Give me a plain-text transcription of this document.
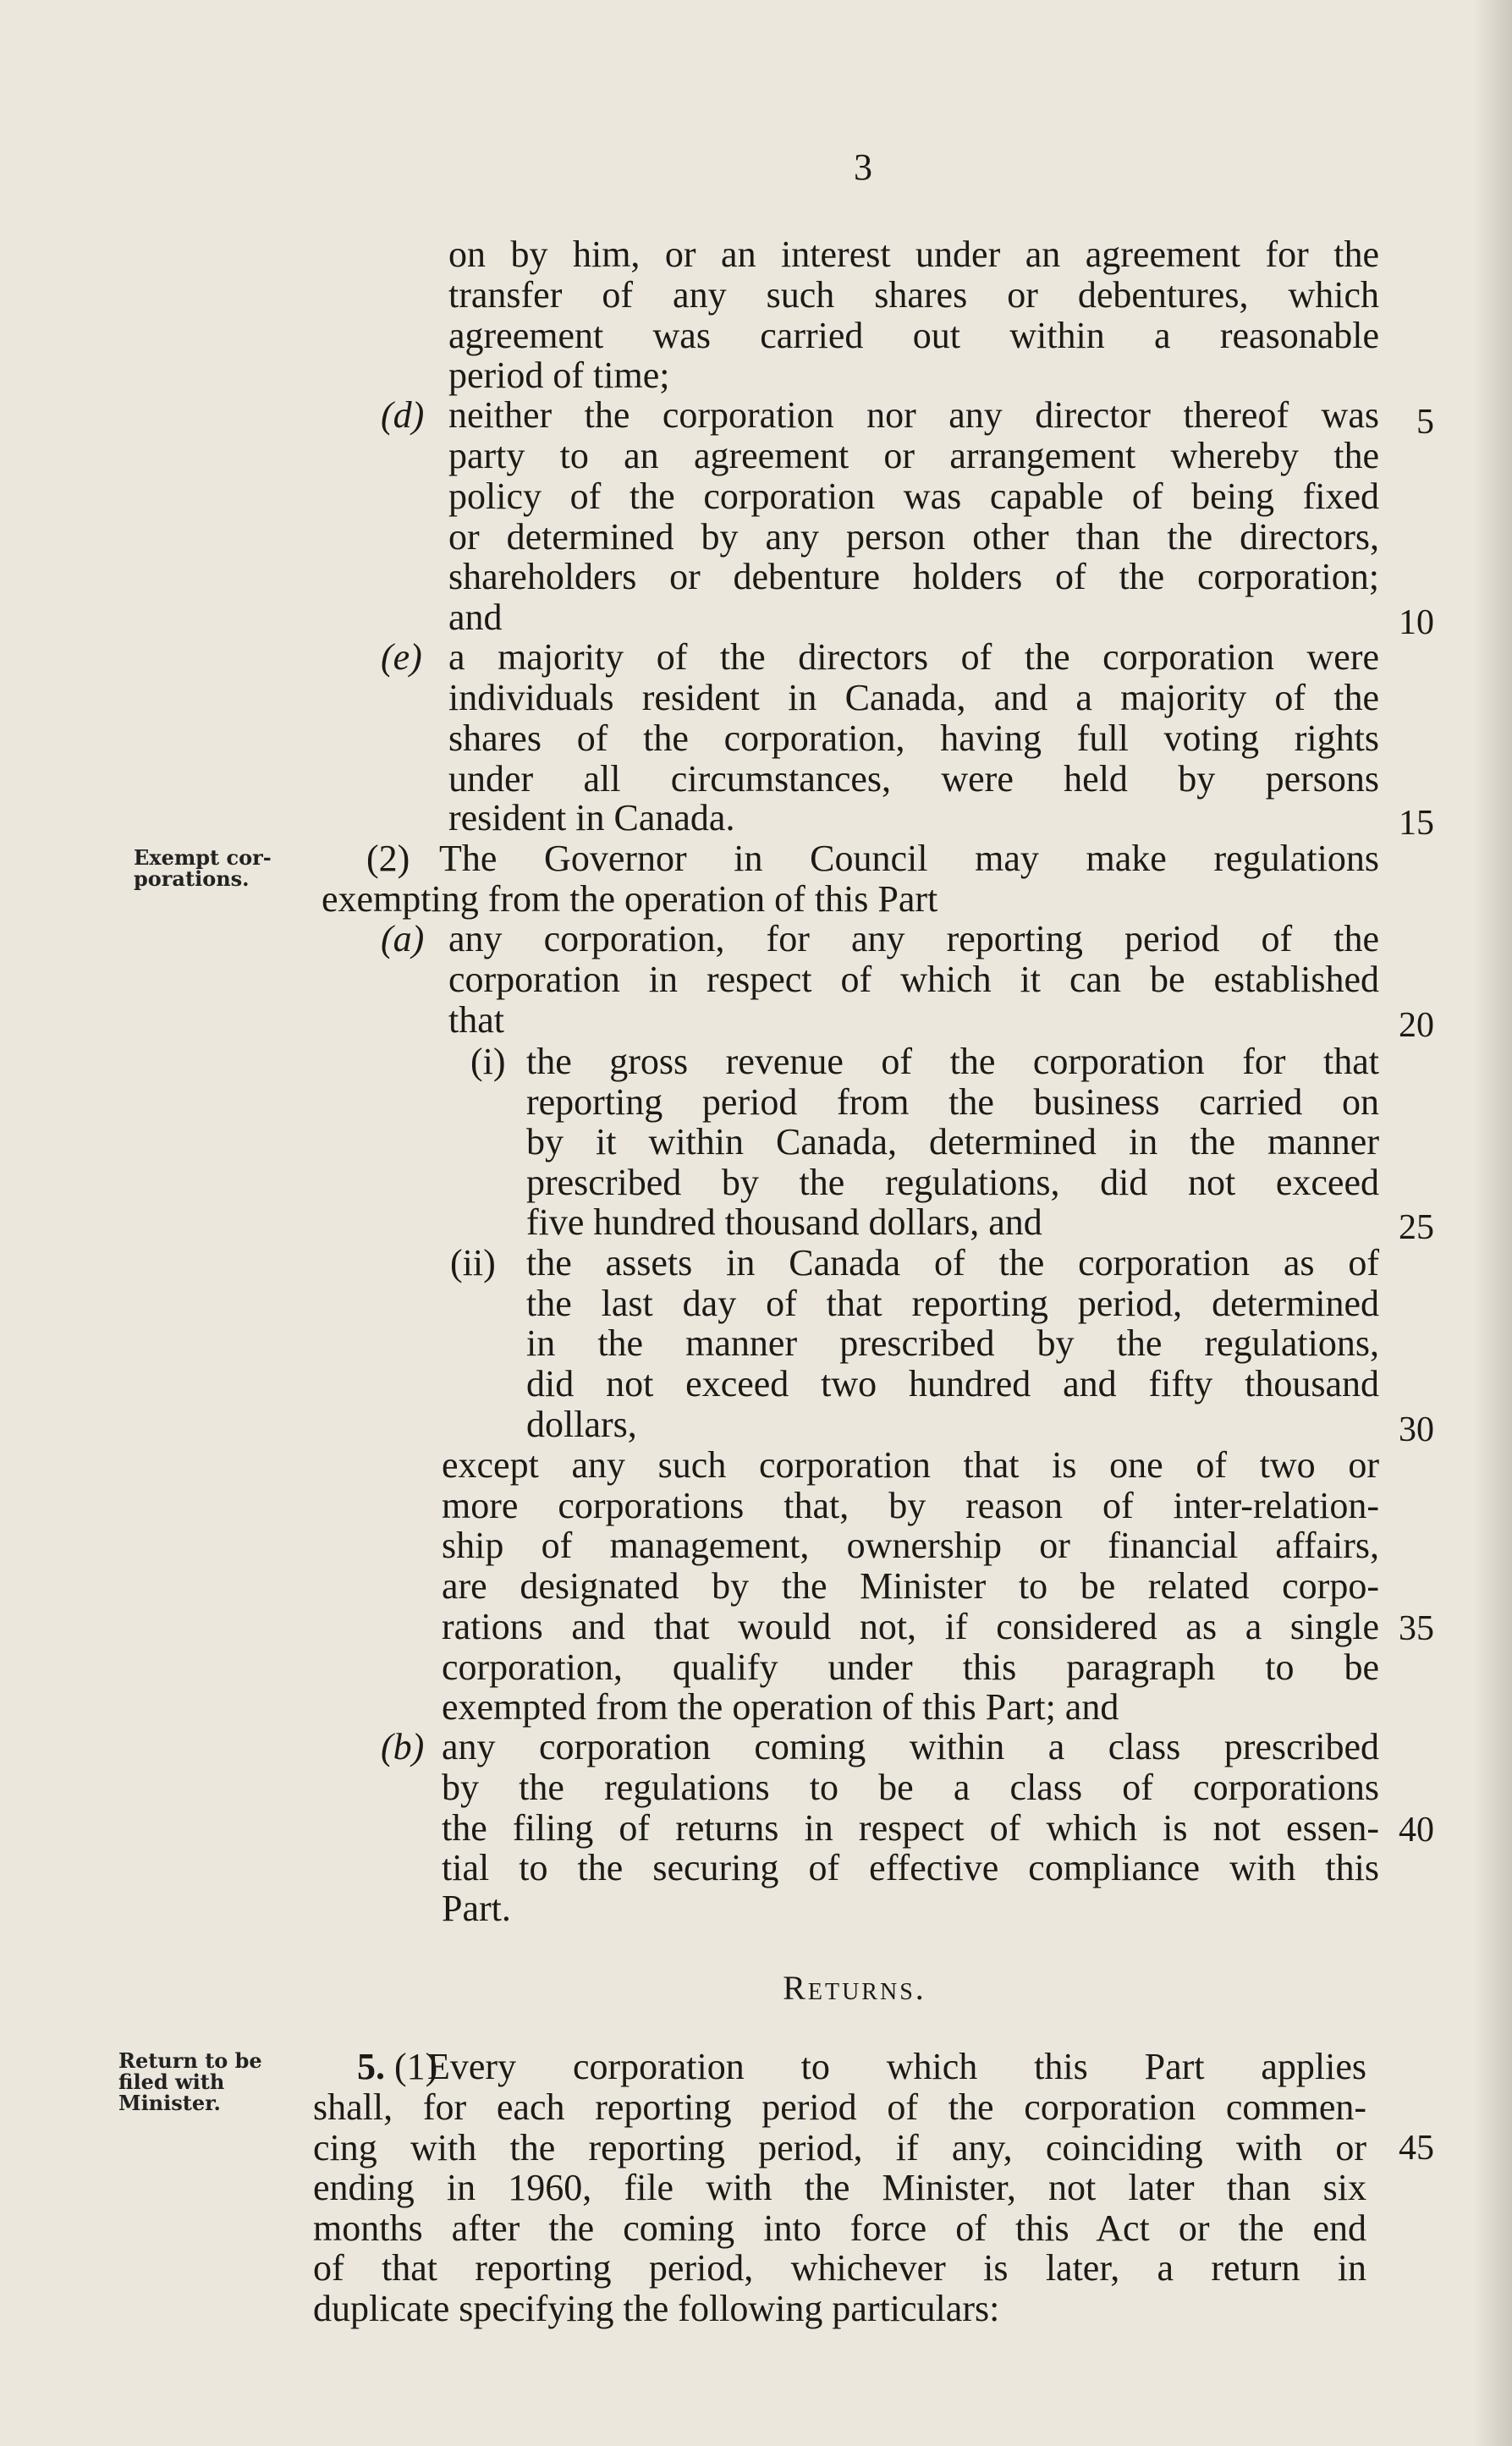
3
Exempt cor-
porations.
Return to be
filed with
Minister.
(d)
(e)
(2)
(a)
(i)
(ii)
(b)
5. (1)
on by him, or an interest under an agreement for the
transfer of any such shares or debentures, which
agreement was carried out within a reasonable
period of time;
neither the corporation nor any director thereof was
party to an agreement or arrangement whereby the
policy of the corporation was capable of being fixed
or determined by any person other than the directors,
shareholders or debenture holders of the corporation;
and
a majority of the directors of the corporation were
individuals resident in Canada, and a majority of the
shares of the corporation, having full voting rights
under all circumstances, were held by persons
resident in Canada.
The Governor in Council may make regulations
exempting from the operation of this Part
any corporation, for any reporting period of the
corporation in respect of which it can be established
that
the gross revenue of the corporation for that
reporting period from the business carried on
by it within Canada, determined in the manner
prescribed by the regulations, did not exceed
five hundred thousand dollars, and
the assets in Canada of the corporation as of
the last day of that reporting period, determined
in the manner prescribed by the regulations,
did not exceed two hundred and fifty thousand
dollars,
except any such corporation that is one of two or
more corporations that, by reason of inter-relation-
ship of management, ownership or financial affairs,
are designated by the Minister to be related corpo-
rations and that would not, if considered as a single
corporation, qualify under this paragraph to be
exempted from the operation of this Part; and
any corporation coming within a class prescribed
by the regulations to be a class of corporations
the filing of returns in respect of which is not essen-
tial to the securing of effective compliance with this
Part.
Returns.
Every corporation to which this Part applies
shall, for each reporting period of the corporation commen-
cing with the reporting period, if any, coinciding with or
ending in 1960, file with the Minister, not later than six
months after the coming into force of this Act or the end
of that reporting period, whichever is later, a return in
duplicate specifying the following particulars:
5
10
15
20
25
30
35
40
45
